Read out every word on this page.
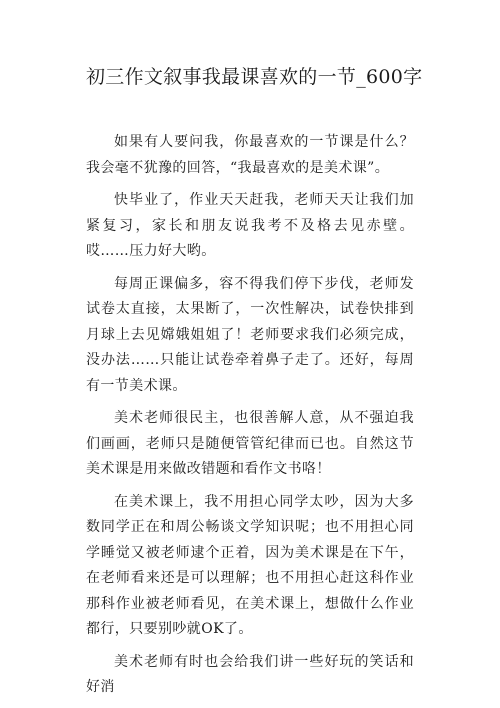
初三作文叙事我最课喜欢的一节_600字

如果有人要问我，你最喜欢的一节课是什么？我会毫不犹豫的回答，“我最喜欢的是美术课”。

快毕业了，作业天天赶我，老师天天让我们加紧复习，家长和朋友说我考不及格去见赤壁。哎……压力好大哟。

每周正课偏多，容不得我们停下步伐，老师发试卷太直接，太果断了，一次性解决，试卷快排到月球上去见嫦娥姐姐了！老师要求我们必须完成，没办法……只能让试卷牵着鼻子走了。还好，每周有一节美术课。

美术老师很民主，也很善解人意，从不强迫我们画画，老师只是随便管管纪律而已也。自然这节美术课是用来做改错题和看作文书咯！

在美术课上，我不用担心同学太吵，因为大多数同学正在和周公畅谈文学知识呢；也不用担心同学睡觉又被老师逮个正着，因为美术课是在下午，在老师看来还是可以理解；也不用担心赶这科作业那科作业被老师看见，在美术课上，想做什么作业都行，只要别吵就OK了。

美术老师有时也会给我们讲一些好玩的笑话和好消
